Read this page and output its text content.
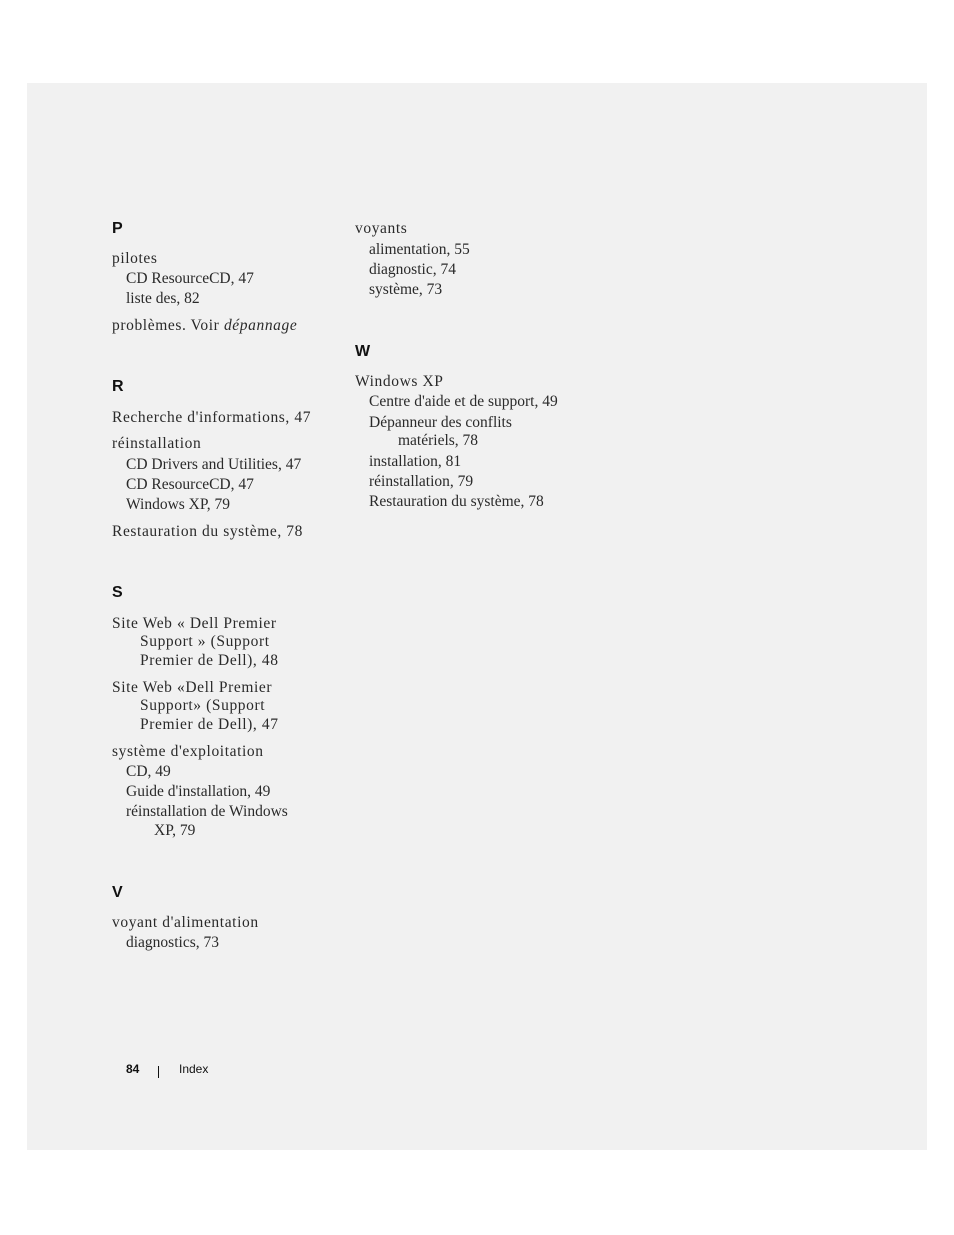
P
pilotes
CD ResourceCD, 47
liste des, 82
problèmes. Voir dépannage
R
Recherche d'informations, 47
réinstallation
CD Drivers and Utilities, 47
CD ResourceCD, 47
Windows XP, 79
Restauration du système, 78
S
Site Web « Dell Premier
Support » (Support
Premier de Dell), 48
Site Web «Dell Premier
Support» (Support
Premier de Dell), 47
système d'exploitation
CD, 49
Guide d'installation, 49
réinstallation de Windows
XP, 79
V
voyant d'alimentation
diagnostics, 73
voyants
alimentation, 55
diagnostic, 74
système, 73
W
Windows XP
Centre d'aide et de support, 49
Dépanneur des conflits
matériels, 78
installation, 81
réinstallation, 79
Restauration du système, 78
84	Index
